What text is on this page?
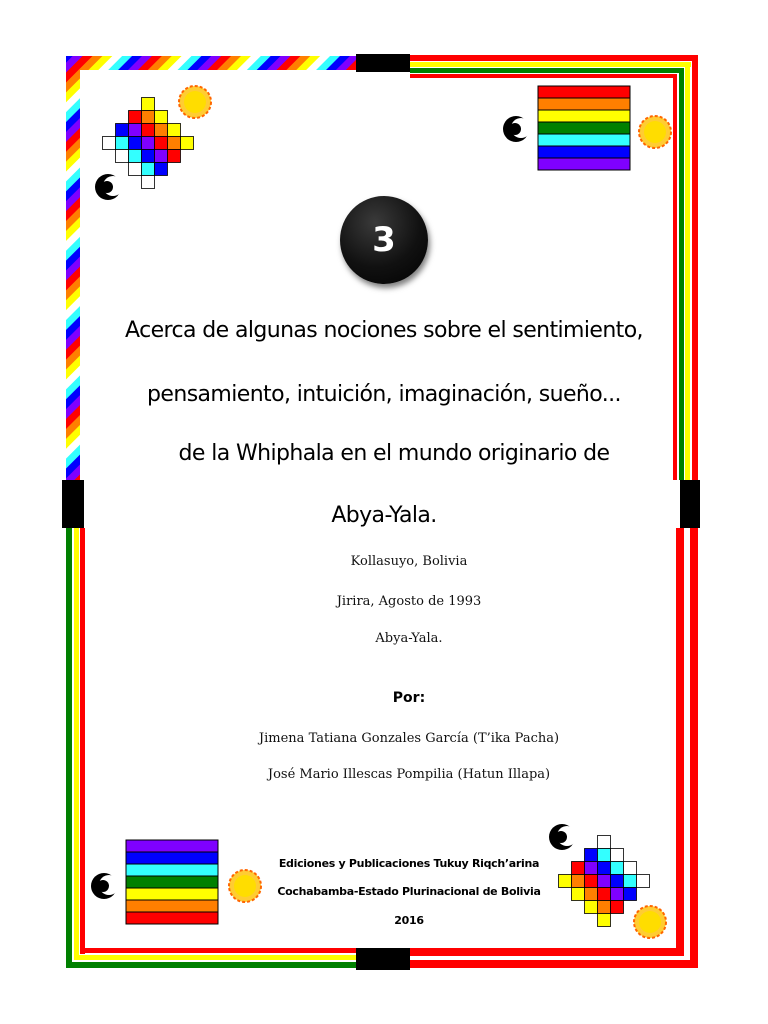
3
Acerca de algunas nociones sobre el sentimiento,
pensamiento, intuición, imaginación, sueño...
de la Whiphala en el mundo originario de
Abya-Yala.
Kollasuyo, Bolivia
Jirira, Agosto de 1993
Abya-Yala.
Por:
Jimena Tatiana Gonzales García (T’ika Pacha)
José Mario Illescas Pompilia (Hatun Illapa)
Ediciones y Publicaciones Tukuy Riqch’arina
Cochabamba-Estado Plurinacional de Bolivia
2016
